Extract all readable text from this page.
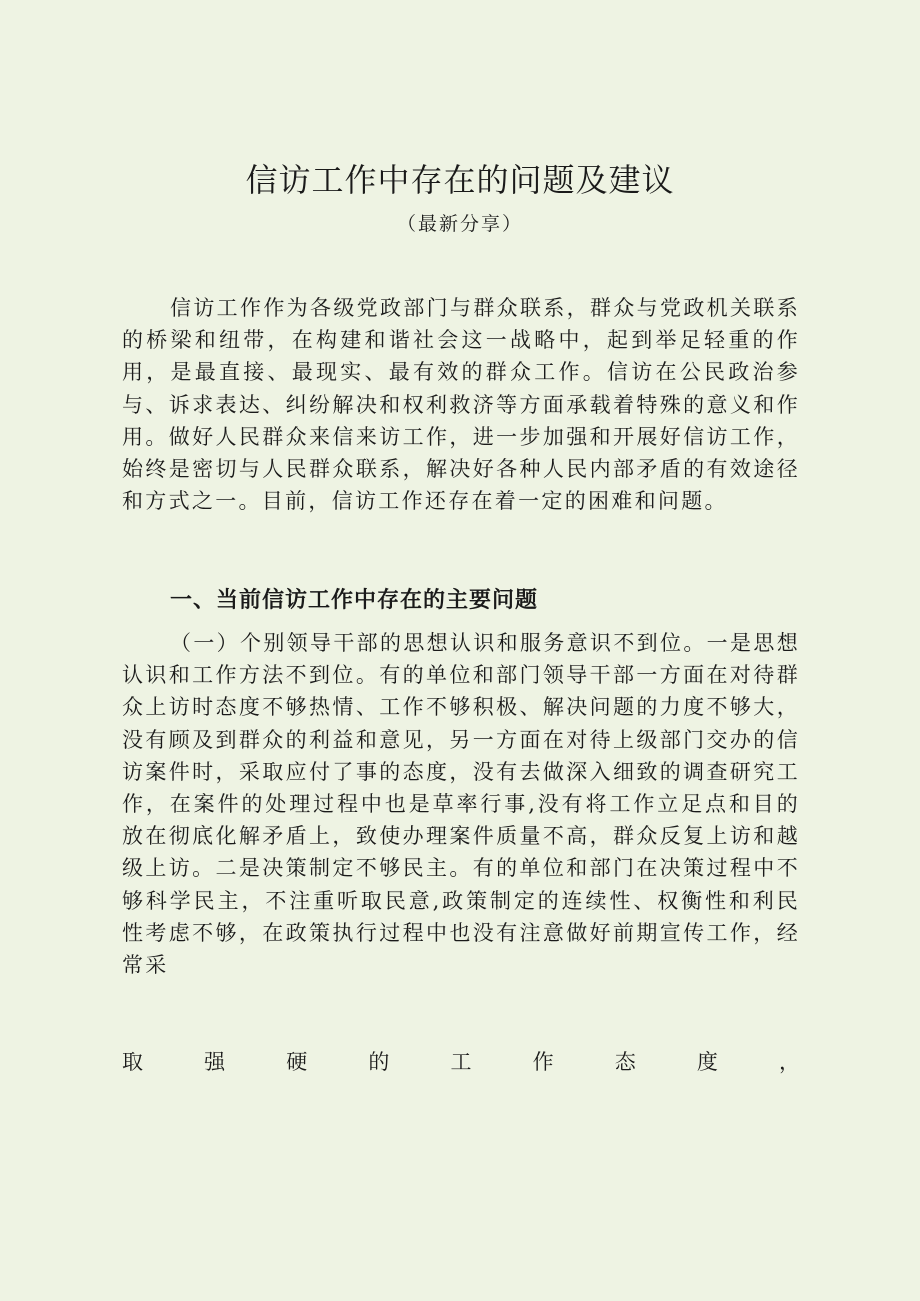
信访工作中存在的问题及建议
（最新分享）

信访工作作为各级党政部门与群众联系，群众与党政机关联系的桥梁和纽带，在构建和谐社会这一战略中，起到举足轻重的作用，是最直接、最现实、最有效的群众工作。信访在公民政治参与、诉求表达、纠纷解决和权利救济等方面承载着特殊的意义和作用。做好人民群众来信来访工作，进一步加强和开展好信访工作，始终是密切与人民群众联系，解决好各种人民内部矛盾的有效途径和方式之一。目前，信访工作还存在着一定的困难和问题。

一、当前信访工作中存在的主要问题

（一）个别领导干部的思想认识和服务意识不到位。一是思想认识和工作方法不到位。有的单位和部门领导干部一方面在对待群众上访时态度不够热情、工作不够积极、解决问题的力度不够大，没有顾及到群众的利益和意见，另一方面在对待上级部门交办的信访案件时，采取应付了事的态度，没有去做深入细致的调查研究工作，在案件的处理过程中也是草率行事,没有将工作立足点和目的放在彻底化解矛盾上，致使办理案件质量不高，群众反复上访和越级上访。二是决策制定不够民主。有的单位和部门在决策过程中不够科学民主，不注重听取民意,政策制定的连续性、权衡性和利民性考虑不够，在政策执行过程中也没有注意做好前期宣传工作，经常采

取	强	硬	的	工	作	态	度	，
